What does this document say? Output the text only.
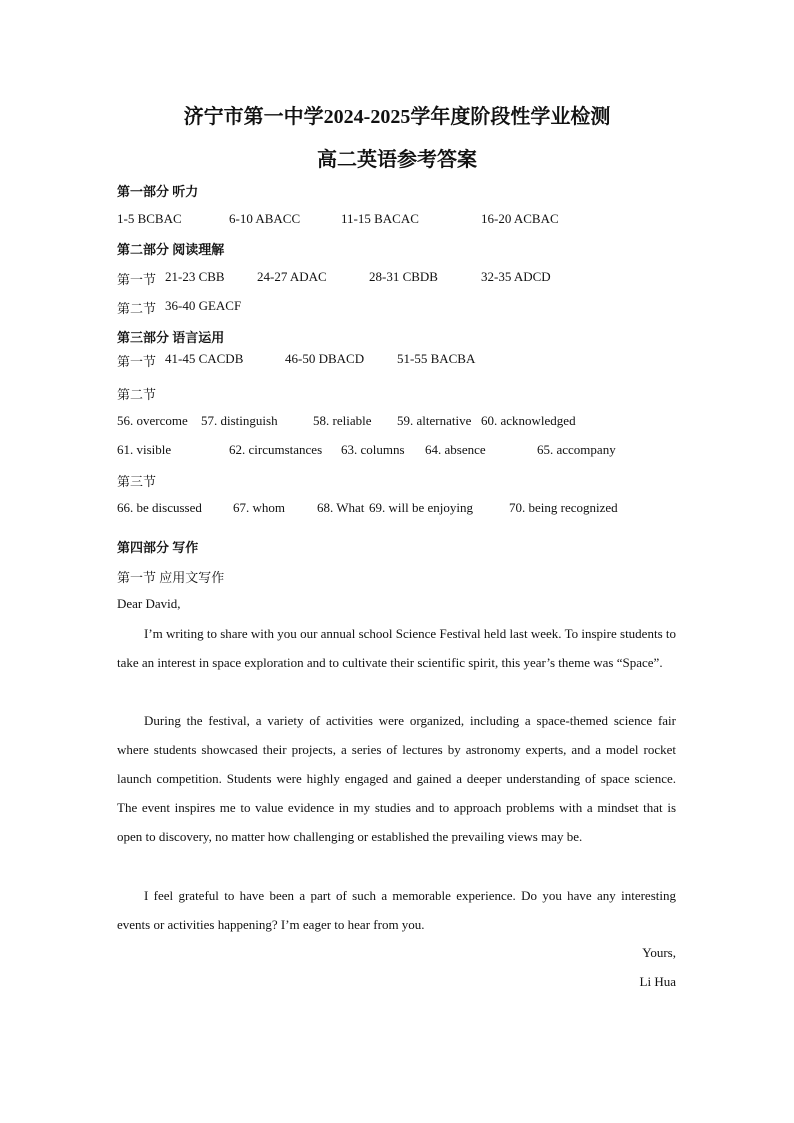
济宁市第一中学2024-2025学年度阶段性学业检测
高二英语参考答案
第一部分 听力
1-5 BCBAC	6-10 ABACC	11-15 BACAC	16-20 ACBAC
第二部分 阅读理解
第一节 21-23 CBB 24-27 ADAC	28-31 CBDB	32-35 ADCD
第二节 36-40 GEACF
第三部分 语言运用
第一节 41-45 CACDB	46-50 DBACD	51-55 BACBA
第二节
56. overcome 57. distinguish	58. reliable 59. alternative 60. acknowledged
61. visible	62. circumstances 63. columns 64. absence	65. accompany
第三节
66. be discussed 67. whom 68. What 69. will be enjoying	70. being recognized
第四部分 写作
第一节 应用文写作
Dear David,
I’m writing to share with you our annual school Science Festival held last week. To inspire students to take an interest in space exploration and to cultivate their scientific spirit, this year’s theme was “Space”.
During the festival, a variety of activities were organized, including a space-themed science fair where students showcased their projects, a series of lectures by astronomy experts, and a model rocket launch competition. Students were highly engaged and gained a deeper understanding of space science. The event inspires me to value evidence in my studies and to approach problems with a mindset that is open to discovery, no matter how challenging or established the prevailing views may be.
I feel grateful to have been a part of such a memorable experience. Do you have any interesting events or activities happening? I’m eager to hear from you.
Yours,
Li Hua
